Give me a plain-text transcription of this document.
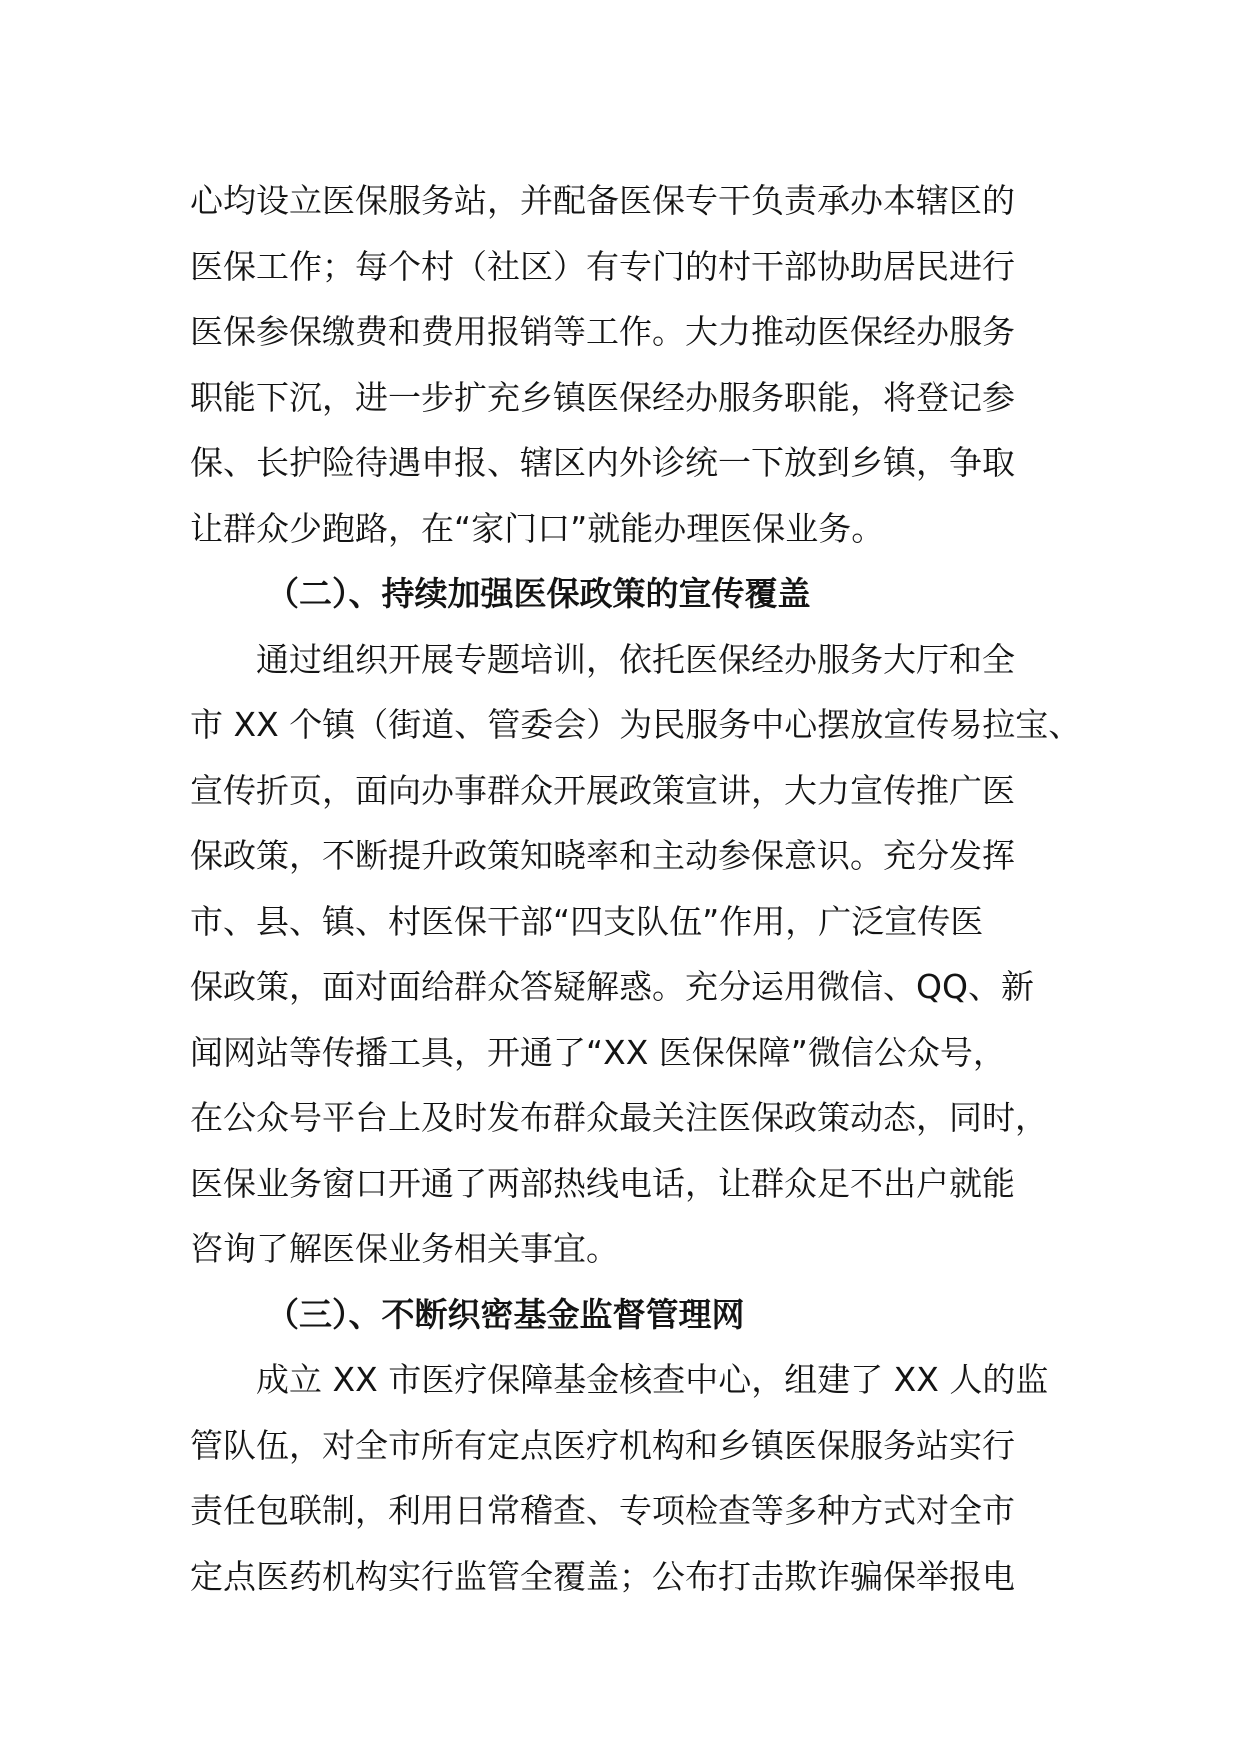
心均设立医保服务站，并配备医保专干负责承办本辖区的
医保工作；每个村（社区）有专门的村干部协助居民进行
医保参保缴费和费用报销等工作。大力推动医保经办服务
职能下沉，进一步扩充乡镇医保经办服务职能，将登记参
保、长护险待遇申报、辖区内外诊统一下放到乡镇，争取
让群众少跑路，在“家门口”就能办理医保业务。
（二）、持续加强医保政策的宣传覆盖
通过组织开展专题培训，依托医保经办服务大厅和全
市 XX 个镇（街道、管委会）为民服务中心摆放宣传易拉宝、
宣传折页，面向办事群众开展政策宣讲，大力宣传推广医
保政策，不断提升政策知晓率和主动参保意识。充分发挥
市、县、镇、村医保干部“四支队伍”作用，广泛宣传医
保政策，面对面给群众答疑解惑。充分运用微信、QQ、新
闻网站等传播工具，开通了“XX 医保保障”微信公众号，
在公众号平台上及时发布群众最关注医保政策动态，同时，
医保业务窗口开通了两部热线电话，让群众足不出户就能
咨询了解医保业务相关事宜。
（三）、不断织密基金监督管理网
成立 XX 市医疗保障基金核查中心，组建了 XX 人的监
管队伍，对全市所有定点医疗机构和乡镇医保服务站实行
责任包联制，利用日常稽查、专项检查等多种方式对全市
定点医药机构实行监管全覆盖；公布打击欺诈骗保举报电
